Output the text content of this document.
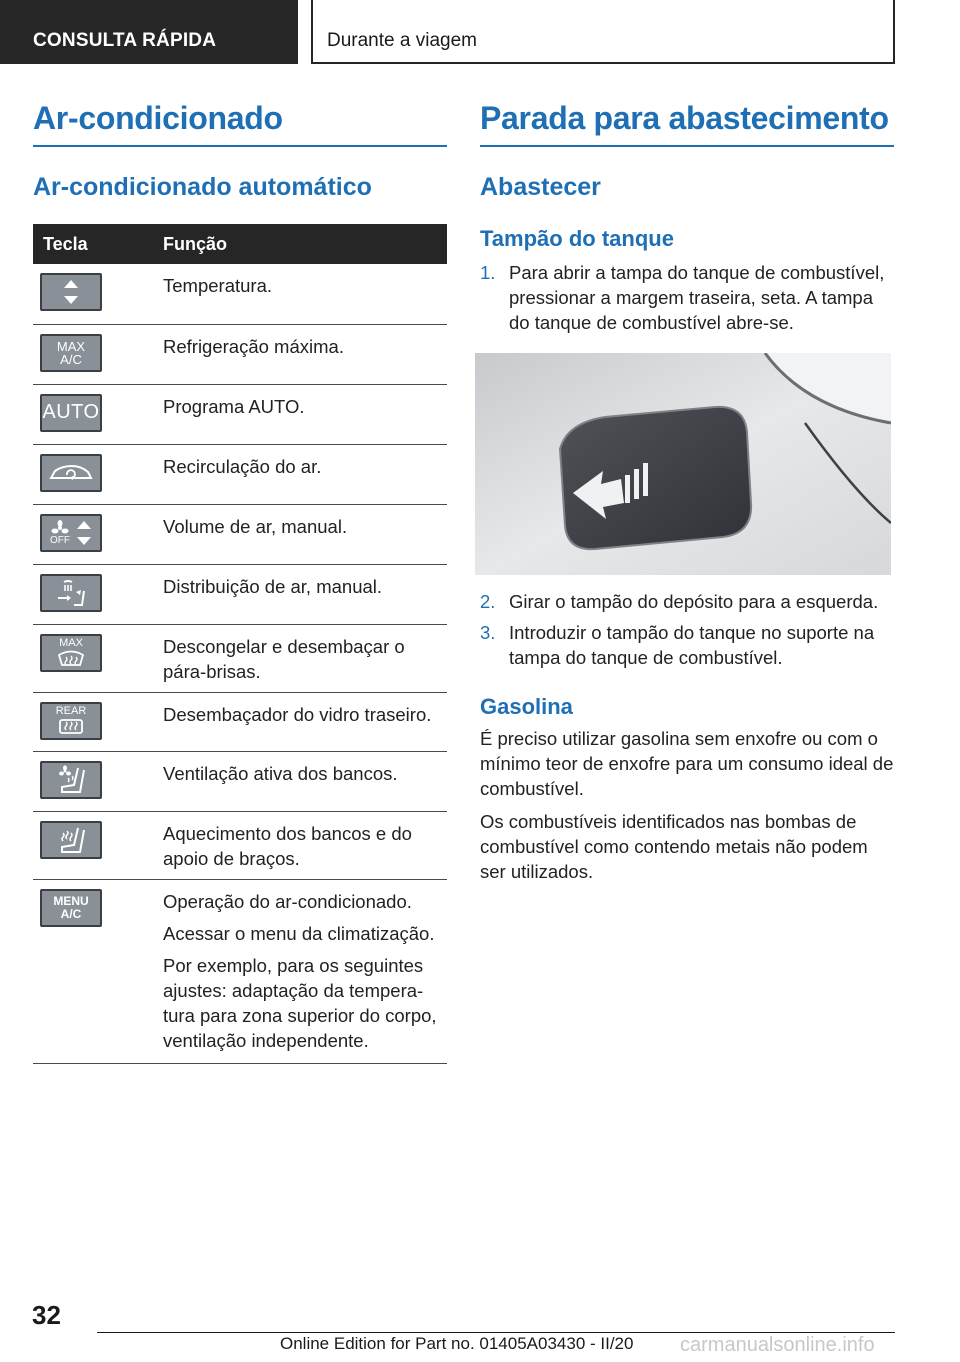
CONSULTA RÁPIDA	Durante a viagem
Ar-condicionado
Ar-condicionado automático
Tecla	Função

Temperatura.

MAX A/C	Refrigeração máxima.

AUTO	Programa AUTO.

Recirculação do ar.

OFF	Volume de ar, manual.

Distribuição de ar, manual.

MAX	Descongelar e desembaçar o pára-brisas.

REAR	Desembaçador do vidro traseiro.

Ventilação ativa dos bancos.

Aquecimento dos bancos e do apoio de braços.

MENU A/C	Operação do ar-condicionado.

Acessar o menu da climatização.

Por exemplo, para os seguintes ajustes: adaptação da tempera-tura para zona superior do corpo, ventilação independente.

Parada para abastecimento
Abastecer
Tampão do tanque
1. Para abrir a tampa do tanque de combustível, pressionar a margem traseira, seta. A tampa do tanque de combustível abre-se.
2. Girar o tampão do depósito para a esquerda.
3. Introduzir o tampão do tanque no suporte na tampa do tanque de combustível.
Gasolina

É preciso utilizar gasolina sem enxofre ou com o mínimo teor de enxofre para um consumo ideal de combustível.

Os combustíveis identificados nas bombas de combustível como contendo metais não podem ser utilizados.

32
Online Edition for Part no. 01405A03430 - II/20 carmanualsonline.info
